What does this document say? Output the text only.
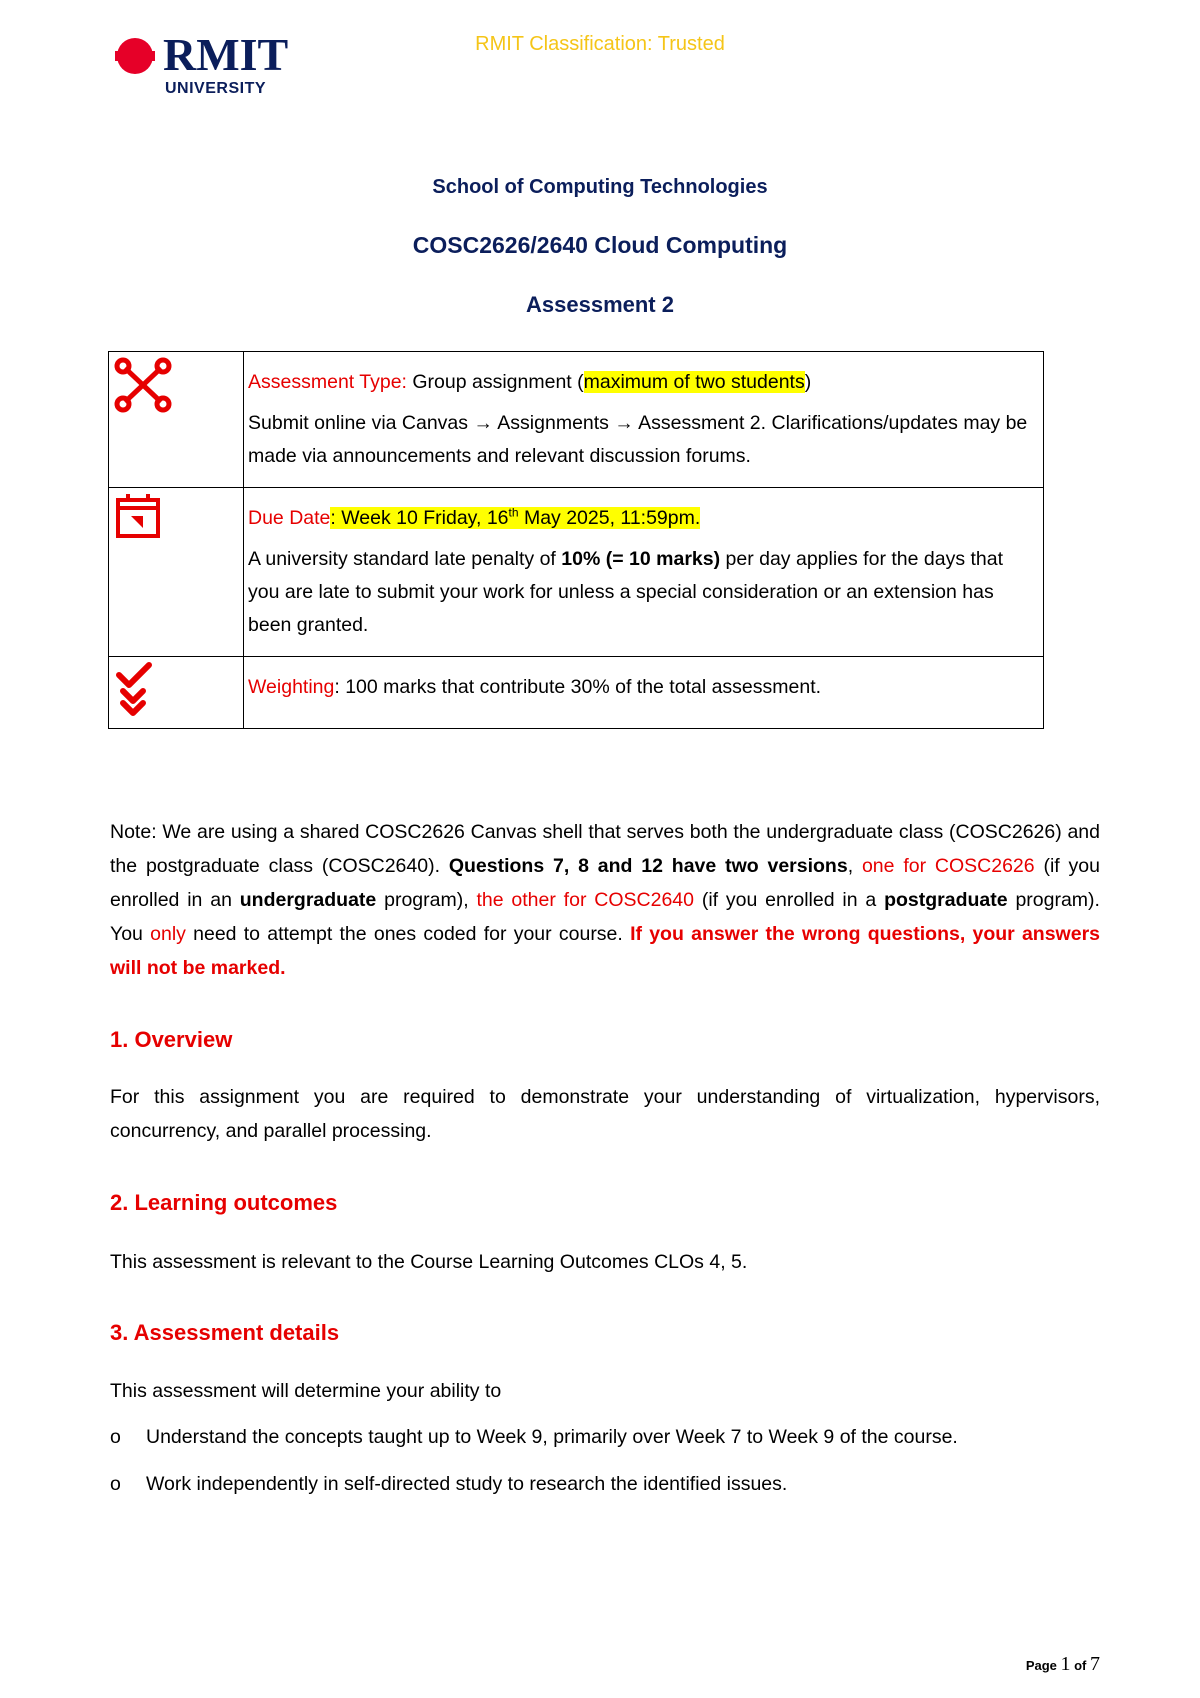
RMIT Classification: Trusted
RMIT
UNIVERSITY
School of Computing Technologies
COSC2626/2640 Cloud Computing
Assessment 2

Assessment Type: Group assignment (maximum of two students)

Submit online via Canvas → Assignments → Assessment 2. Clarifications/updates may be made via announcements and relevant discussion forums.

Due Date: Week 10 Friday, 16th May 2025, 11:59pm.

A university standard late penalty of 10% (= 10 marks) per day applies for the days that you are late to submit your work for unless a special consideration or an extension has been granted.

Weighting: 100 marks that contribute 30% of the total assessment.

Note: We are using a shared COSC2626 Canvas shell that serves both the undergraduate class (COSC2626) and the postgraduate class (COSC2640). Questions 7, 8 and 12 have two versions, one for COSC2626 (if you enrolled in an undergraduate program), the other for COSC2640 (if you enrolled in a postgraduate program). You only need to attempt the ones coded for your course. If you answer the wrong questions, your answers will not be marked.
1. Overview
For this assignment you are required to demonstrate your understanding of virtualization, hypervisors, concurrency, and parallel processing.
2. Learning outcomes
This assessment is relevant to the Course Learning Outcomes CLOs 4, 5.
3. Assessment details
This assessment will determine your ability to
o Understand the concepts taught up to Week 9, primarily over Week 7 to Week 9 of the course.
o Work independently in self-directed study to research the identified issues.
Page 1 of 7
